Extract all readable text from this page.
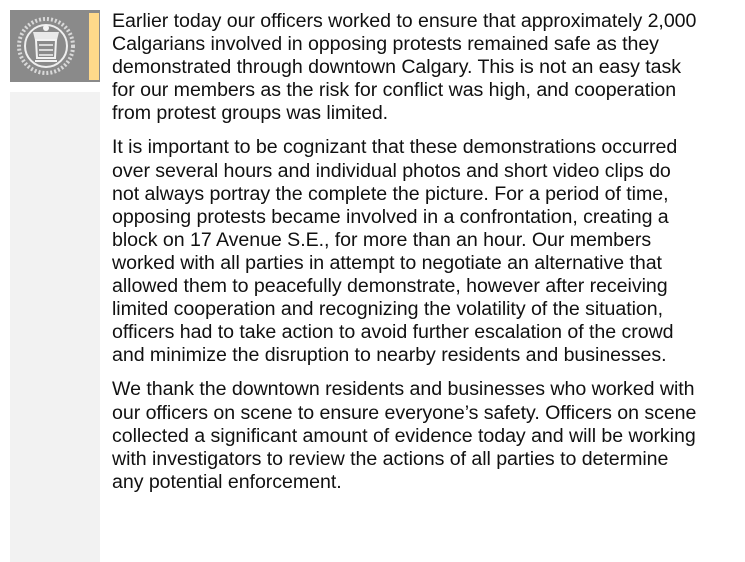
Earlier today our officers worked to ensure that approximately 2,000
Calgarians involved in opposing protests remained safe as they
demonstrated through downtown Calgary. This is not an easy task
for our members as the risk for conflict was high, and cooperation
from protest groups was limited.

It is important to be cognizant that these demonstrations occurred
over several hours and individual photos and short video clips do
not always portray the complete the picture. For a period of time,
opposing protests became involved in a confrontation, creating a
block on 17 Avenue S.E., for more than an hour. Our members
worked with all parties in attempt to negotiate an alternative that
allowed them to peacefully demonstrate, however after receiving
limited cooperation and recognizing the volatility of the situation,
officers had to take action to avoid further escalation of the crowd
and minimize the disruption to nearby residents and businesses.

We thank the downtown residents and businesses who worked with
our officers on scene to ensure everyone’s safety. Officers on scene
collected a significant amount of evidence today and will be working
with investigators to review the actions of all parties to determine
any potential enforcement.
